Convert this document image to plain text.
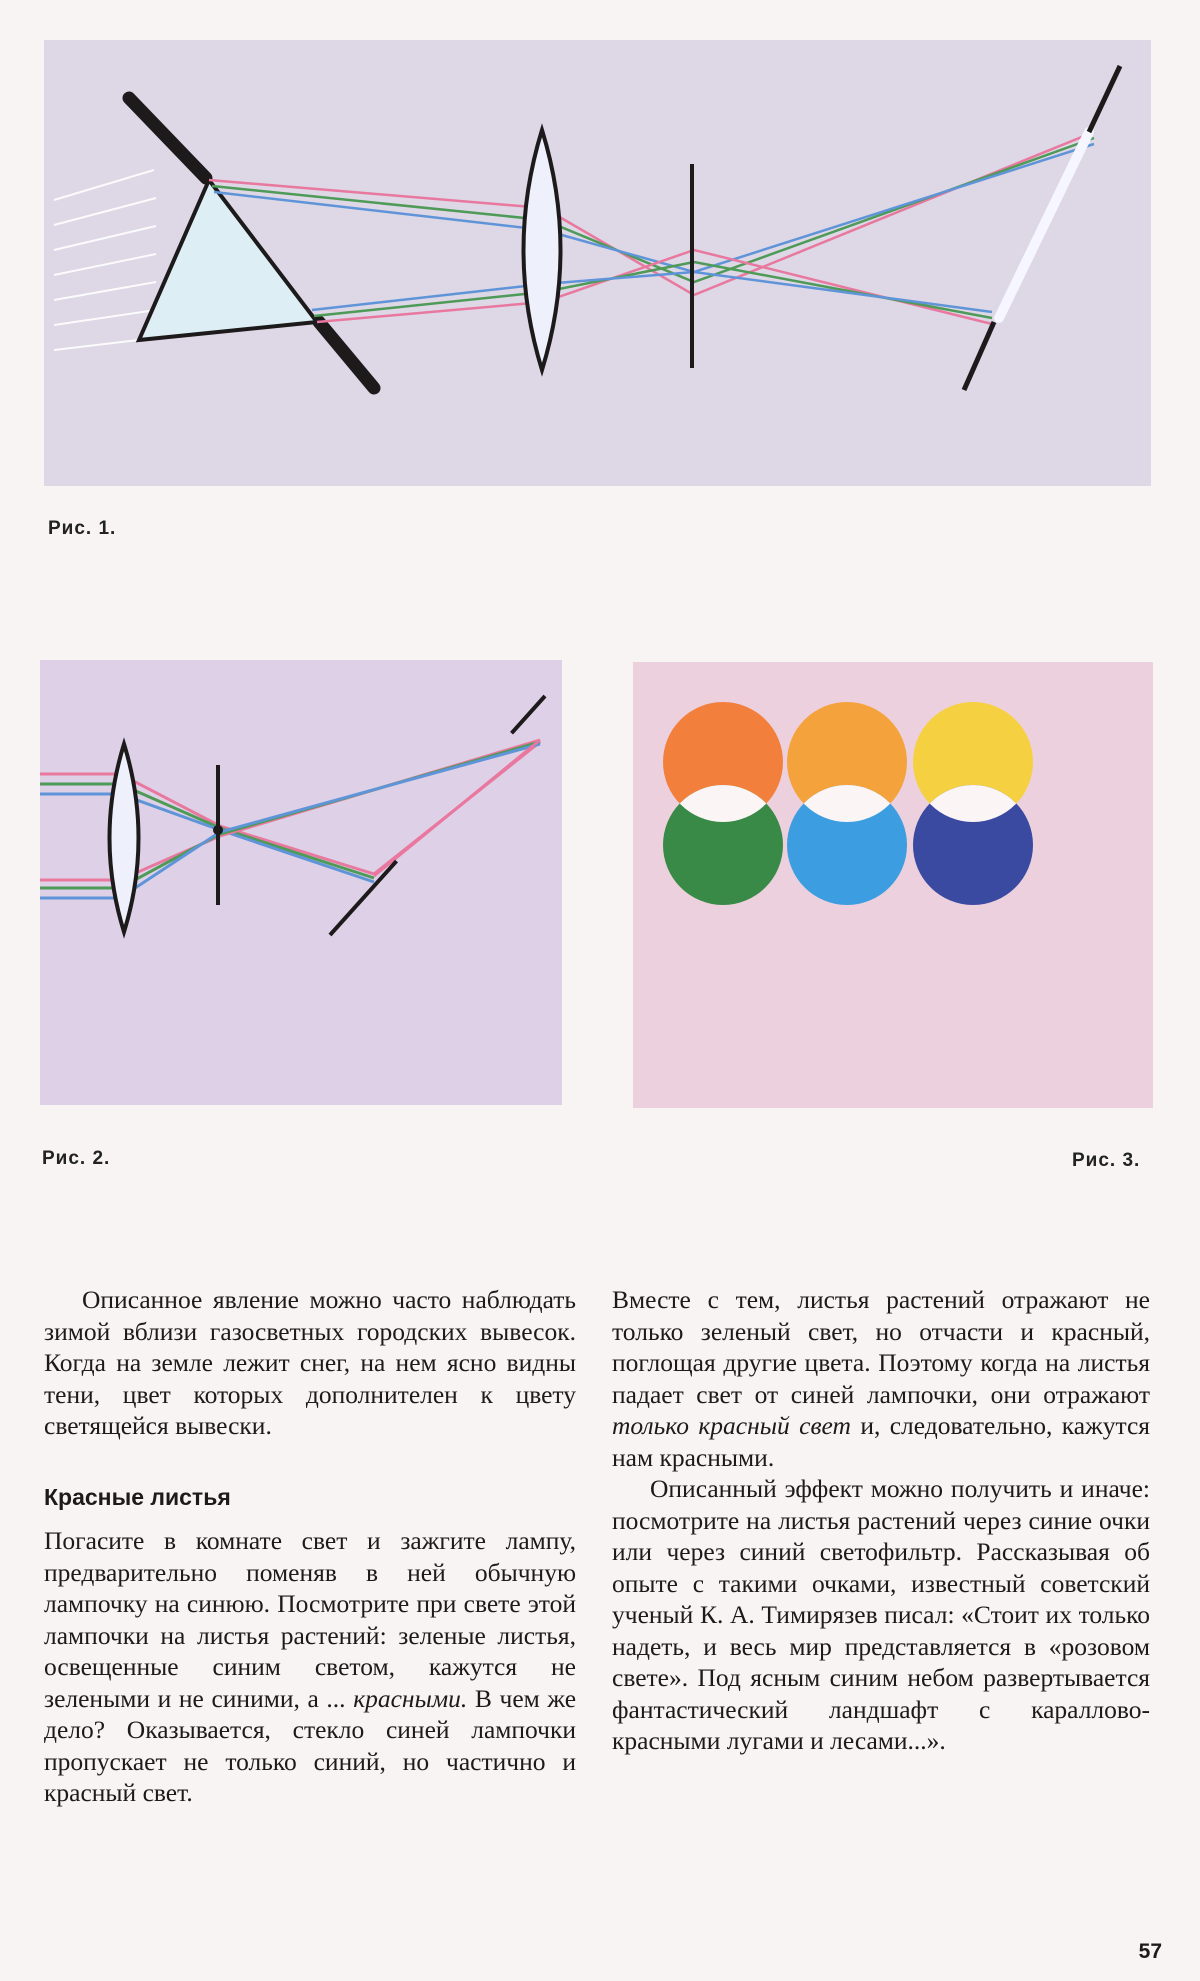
Рис. 1.
Рис. 2.	Рис. 3.

Описанное явление можно часто наблюдать зимой вблизи газосветных городских вывесок. Когда на земле лежит снег, на нем ясно видны тени, цвет которых дополнителен к цвету светящейся вывески.

Красные листья

Погасите в комнате свет и зажгите лампу, предварительно поменяв в ней обычную лампочку на синюю. Посмотрите при свете этой лампочки на листья растений: зеленые листья, освещенные синим светом, кажутся не зелеными и не синими, а ... красными. В чем же дело? Оказывается, стекло синей лампочки пропускает не только синий, но частично и красный свет.

Вместе с тем, листья растений отражают не только зеленый свет, но отчасти и красный, поглощая другие цвета. Поэтому когда на листья падает свет от синей лампочки, они отражают только красный свет и, следовательно, кажутся нам красными.

Описанный эффект можно получить и иначе: посмотрите на листья растений через синие очки или через синий светофильтр. Рассказывая об опыте с такими очками, известный советский ученый К. А. Тимирязев писал: «Стоит их только надеть, и весь мир представляется в «розовом свете». Под ясным синим небом развертывается фантастический ландшафт с караллово-красными лугами и лесами...».

57
